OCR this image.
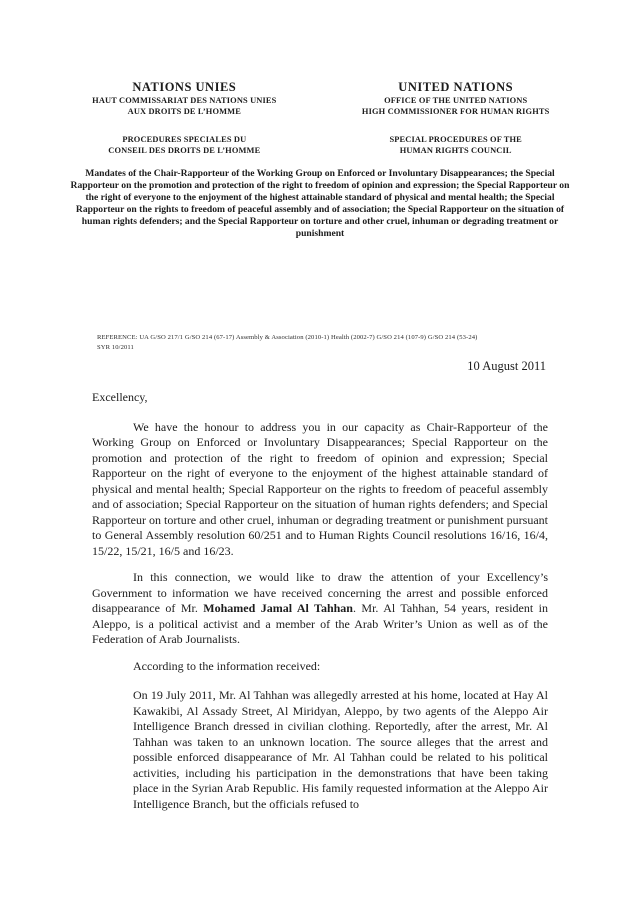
NATIONS UNIES
HAUT COMMISSARIAT DES NATIONS UNIES
AUX DROITS DE L’HOMME
PROCEDURES SPECIALES DU
CONSEIL DES DROITS DE L’HOMME
UNITED NATIONS
OFFICE OF THE UNITED NATIONS
HIGH COMMISSIONER FOR HUMAN RIGHTS
SPECIAL PROCEDURES OF THE
HUMAN RIGHTS COUNCIL
Mandates of the Chair-Rapporteur of the Working Group on Enforced or Involuntary Disappearances; the Special Rapporteur on the promotion and protection of the right to freedom of opinion and expression; the Special Rapporteur on the right of everyone to the enjoyment of the highest attainable standard of physical and mental health; the Special Rapporteur on the rights to freedom of peaceful assembly and of association; the Special Rapporteur on the situation of human rights defenders; and the Special Rapporteur on torture and other cruel, inhuman or degrading treatment or punishment
REFERENCE: UA G/SO 217/1 G/SO 214 (67-17) Assembly & Association (2010-1) Health (2002-7) G/SO 214 (107-9) G/SO 214 (53-24)
SYR 10/2011
10 August 2011
Excellency,

We have the honour to address you in our capacity as Chair-Rapporteur of the Working Group on Enforced or Involuntary Disappearances; Special Rapporteur on the promotion and protection of the right to freedom of opinion and expression; Special Rapporteur on the right of everyone to the enjoyment of the highest attainable standard of physical and mental health; Special Rapporteur on the rights to freedom of peaceful assembly and of association; Special Rapporteur on the situation of human rights defenders; and Special Rapporteur on torture and other cruel, inhuman or degrading treatment or punishment pursuant to General Assembly resolution 60/251 and to Human Rights Council resolutions 16/16, 16/4, 15/22, 15/21, 16/5 and 16/23.

In this connection, we would like to draw the attention of your Excellency’s Government to information we have received concerning the arrest and possible enforced disappearance of Mr. Mohamed Jamal Al Tahhan. Mr. Al Tahhan, 54 years, resident in Aleppo, is a political activist and a member of the Arab Writer’s Union as well as of the Federation of Arab Journalists.

According to the information received:

On 19 July 2011, Mr. Al Tahhan was allegedly arrested at his home, located at Hay Al Kawakibi, Al Assady Street, Al Miridyan, Aleppo, by two agents of the Aleppo Air Intelligence Branch dressed in civilian clothing. Reportedly, after the arrest, Mr. Al Tahhan was taken to an unknown location. The source alleges that the arrest and possible enforced disappearance of Mr. Al Tahhan could be related to his political activities, including his participation in the demonstrations that have been taking place in the Syrian Arab Republic. His family requested information at the Aleppo Air Intelligence Branch, but the officials refused to
